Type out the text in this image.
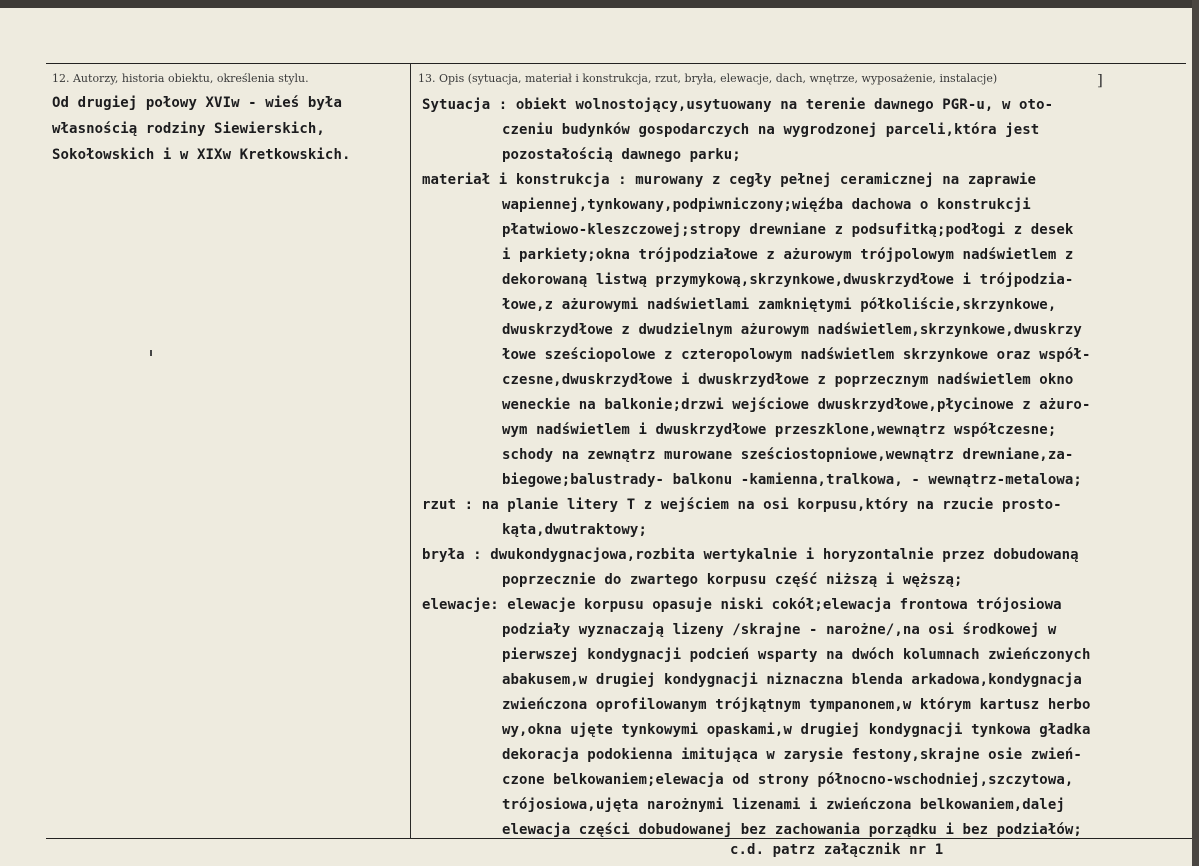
12. Autorzy, historia obiektu, określenia stylu.	13. Opis (sytuacja, materiał i konstrukcja, rzut, bryła, elewacje, dach, wnętrze, wyposażenie, instalacje)	]
Od drugiej połowy XVIw - wieś była
własnością rodziny Siewierskich,
Sokołowskich i w XIXw Kretkowskich.
Sytuacja : obiekt wolnostojący,usytuowany na terenie dawnego PGR-u, w oto-
czeniu budynków gospodarczych na wygrodzonej parceli,która jest
pozostałością dawnego parku;
materiał i konstrukcja : murowany z cegły pełnej ceramicznej na zaprawie
wapiennej,tynkowany,podpiwniczony;więźba dachowa o konstrukcji
płatwiowo-kleszczowej;stropy drewniane z podsufitką;podłogi z desek
i parkiety;okna trójpodziałowe z ażurowym trójpolowym nadświetlem z
dekorowaną listwą przymykową,skrzynkowe,dwuskrzydłowe i trójpodzia-
łowe,z ażurowymi nadświetlami zamkniętymi półkoliście,skrzynkowe,
dwuskrzydłowe z dwudzielnym ażurowym nadświetlem,skrzynkowe,dwuskrzy
łowe sześciopolowe z czteropolowym nadświetlem skrzynkowe oraz współ-
czesne,dwuskrzydłowe i dwuskrzydłowe z poprzecznym nadświetlem okno
weneckie na balkonie;drzwi wejściowe dwuskrzydłowe,płycinowe z ażuro-
wym nadświetlem i dwuskrzydłowe przeszklone,wewnątrz współczesne;
schody na zewnątrz murowane sześciostopniowe,wewnątrz drewniane,za-
biegowe;balustrady- balkonu -kamienna,tralkowa, - wewnątrz-metalowa;
rzut : na planie litery T z wejściem na osi korpusu,który na rzucie prosto-
kąta,dwutraktowy;
bryła : dwukondygnacjowa,rozbita wertykalnie i horyzontalnie przez dobudowaną
poprzecznie do zwartego korpusu część niższą i węższą;
elewacje: elewacje korpusu opasuje niski cokół;elewacja frontowa trójosiowa
podziały wyznaczają lizeny /skrajne - narożne/,na osi środkowej w
pierwszej kondygnacji podcień wsparty na dwóch kolumnach zwieńczonych
abakusem,w drugiej kondygnacji niznaczna blenda arkadowa,kondygnacja
zwieńczona oprofilowanym trójkątnym tympanonem,w którym kartusz herbo
wy,okna ujęte tynkowymi opaskami,w drugiej kondygnacji tynkowa gładka
dekoracja podokienna imitująca w zarysie festony,skrajne osie zwień-
czone belkowaniem;elewacja od strony północno-wschodniej,szczytowa,
trójosiowa,ujęta narożnymi lizenami i zwieńczona belkowaniem,dalej
elewacja części dobudowanej bez zachowania porządku i bez podziałów;
c.d. patrz załącznik nr 1
